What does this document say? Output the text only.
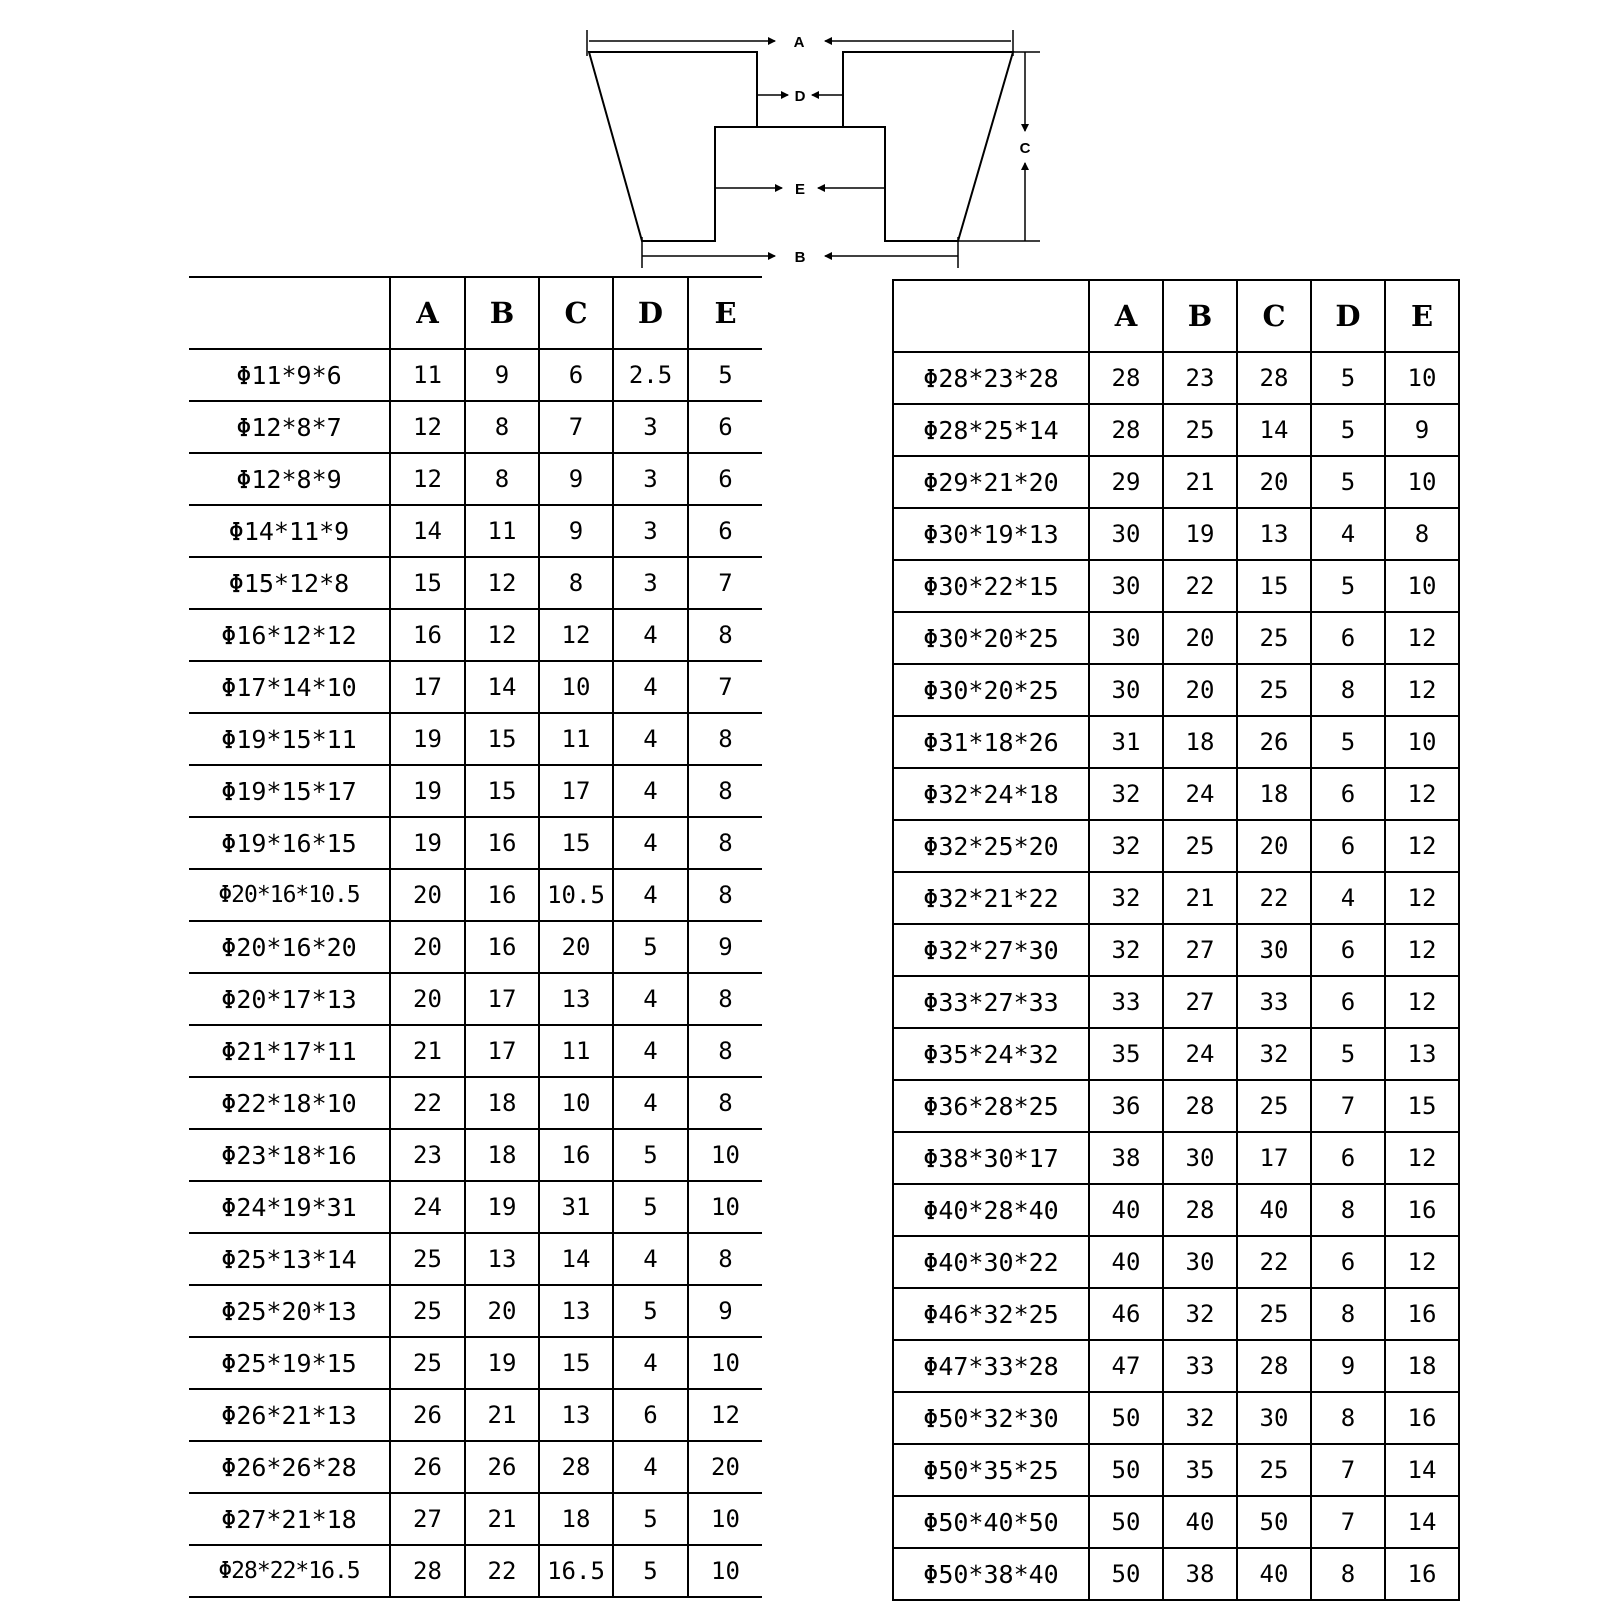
A
D
E
B
C
	A	B	C	D	E
Φ11*9*6	11	9	6	2.5	5
Φ12*8*7	12	8	7	3	6
Φ12*8*9	12	8	9	3	6
Φ14*11*9	14	11	9	3	6
Φ15*12*8	15	12	8	3	7
Φ16*12*12	16	12	12	4	8
Φ17*14*10	17	14	10	4	7
Φ19*15*11	19	15	11	4	8
Φ19*15*17	19	15	17	4	8
Φ19*16*15	19	16	15	4	8
Φ20*16*10.5	20	16	10.5	4	8
Φ20*16*20	20	16	20	5	9
Φ20*17*13	20	17	13	4	8
Φ21*17*11	21	17	11	4	8
Φ22*18*10	22	18	10	4	8
Φ23*18*16	23	18	16	5	10
Φ24*19*31	24	19	31	5	10
Φ25*13*14	25	13	14	4	8
Φ25*20*13	25	20	13	5	9
Φ25*19*15	25	19	15	4	10
Φ26*21*13	26	21	13	6	12
Φ26*26*28	26	26	28	4	20
Φ27*21*18	27	21	18	5	10
Φ28*22*16.5	28	22	16.5	5	10
	A	B	C	D	E
Φ28*23*28	28	23	28	5	10
Φ28*25*14	28	25	14	5	9
Φ29*21*20	29	21	20	5	10
Φ30*19*13	30	19	13	4	8
Φ30*22*15	30	22	15	5	10
Φ30*20*25	30	20	25	6	12
Φ30*20*25	30	20	25	8	12
Φ31*18*26	31	18	26	5	10
Φ32*24*18	32	24	18	6	12
Φ32*25*20	32	25	20	6	12
Φ32*21*22	32	21	22	4	12
Φ32*27*30	32	27	30	6	12
Φ33*27*33	33	27	33	6	12
Φ35*24*32	35	24	32	5	13
Φ36*28*25	36	28	25	7	15
Φ38*30*17	38	30	17	6	12
Φ40*28*40	40	28	40	8	16
Φ40*30*22	40	30	22	6	12
Φ46*32*25	46	32	25	8	16
Φ47*33*28	47	33	28	9	18
Φ50*32*30	50	32	30	8	16
Φ50*35*25	50	35	25	7	14
Φ50*40*50	50	40	50	7	14
Φ50*38*40	50	38	40	8	16
